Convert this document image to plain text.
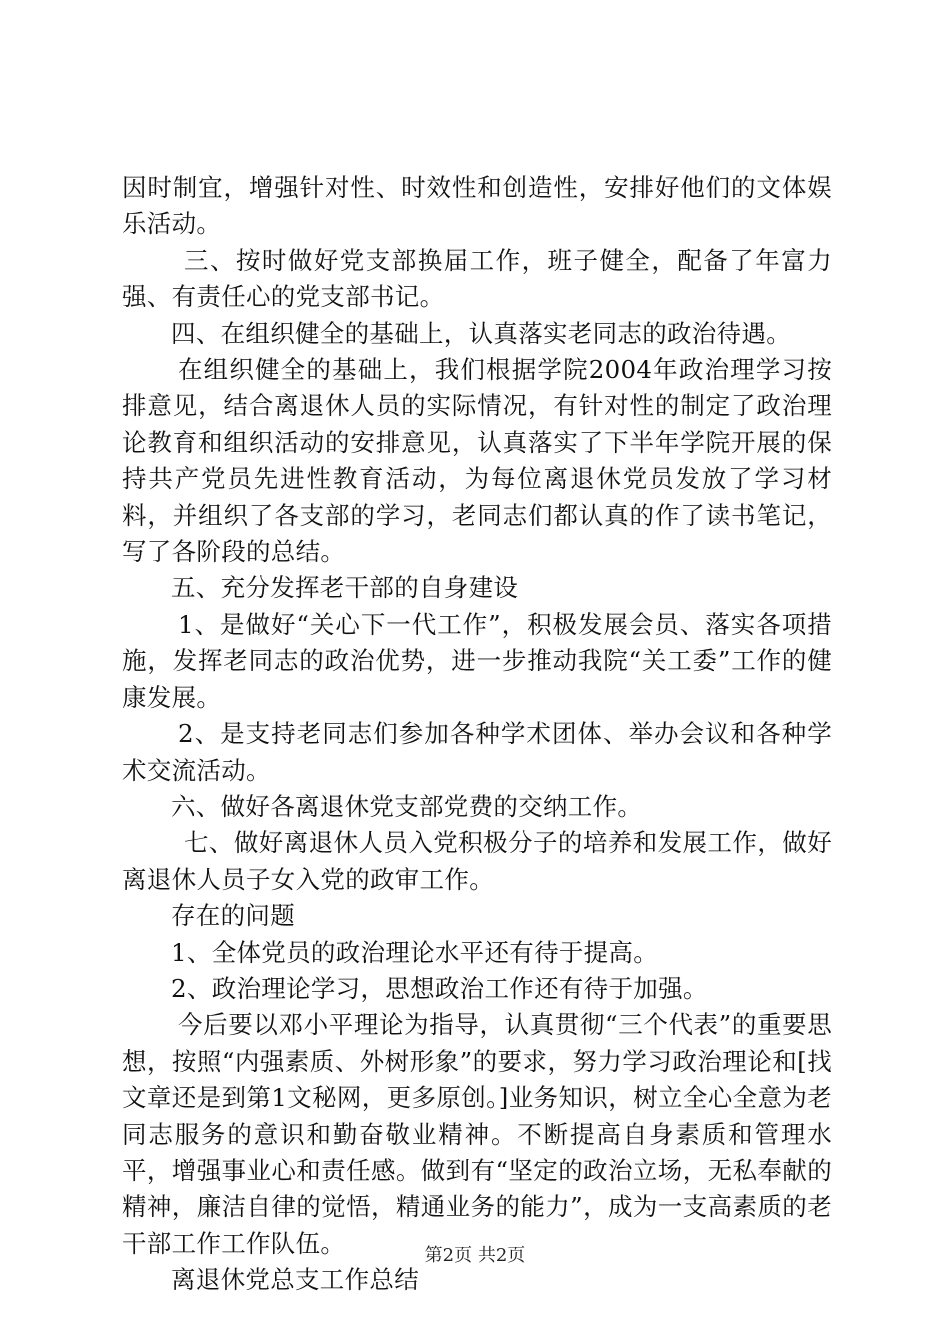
因时制宜，增强针对性、时效性和创造性，安排好他们的文体娱乐活动。

三、按时做好党支部换届工作，班子健全，配备了年富力强、有责任心的党支部书记。

四、在组织健全的基础上，认真落实老同志的政治待遇。

在组织健全的基础上，我们根据学院2004年政治理学习按排意见，结合离退休人员的实际情况，有针对性的制定了政治理论教育和组织活动的安排意见，认真落实了下半年学院开展的保持共产党员先进性教育活动，为每位离退休党员发放了学习材料，并组织了各支部的学习，老同志们都认真的作了读书笔记，写了各阶段的总结。

五、充分发挥老干部的自身建设

1、是做好“关心下一代工作”，积极发展会员、落实各项措施，发挥老同志的政治优势，进一步推动我院“关工委”工作的健康发展。

2、是支持老同志们参加各种学术团体、举办会议和各种学术交流活动。

六、做好各离退休党支部党费的交纳工作。

七、做好离退休人员入党积极分子的培养和发展工作，做好离退休人员子女入党的政审工作。

存在的问题

1、全体党员的政治理论水平还有待于提高。

2、政治理论学习，思想政治工作还有待于加强。

今后要以邓小平理论为指导，认真贯彻“三个代表”的重要思想，按照“内强素质、外树形象”的要求，努力学习政治理论和[找文章还是到第1文秘网，更多原创。]业务知识，树立全心全意为老同志服务的意识和勤奋敬业精神。不断提高自身素质和管理水平，增强事业心和责任感。做到有“坚定的政治立场，无私奉献的精神，廉洁自律的觉悟，精通业务的能力”，成为一支高素质的老干部工作工作队伍。

离退休党总支工作总结

第2页 共2页
